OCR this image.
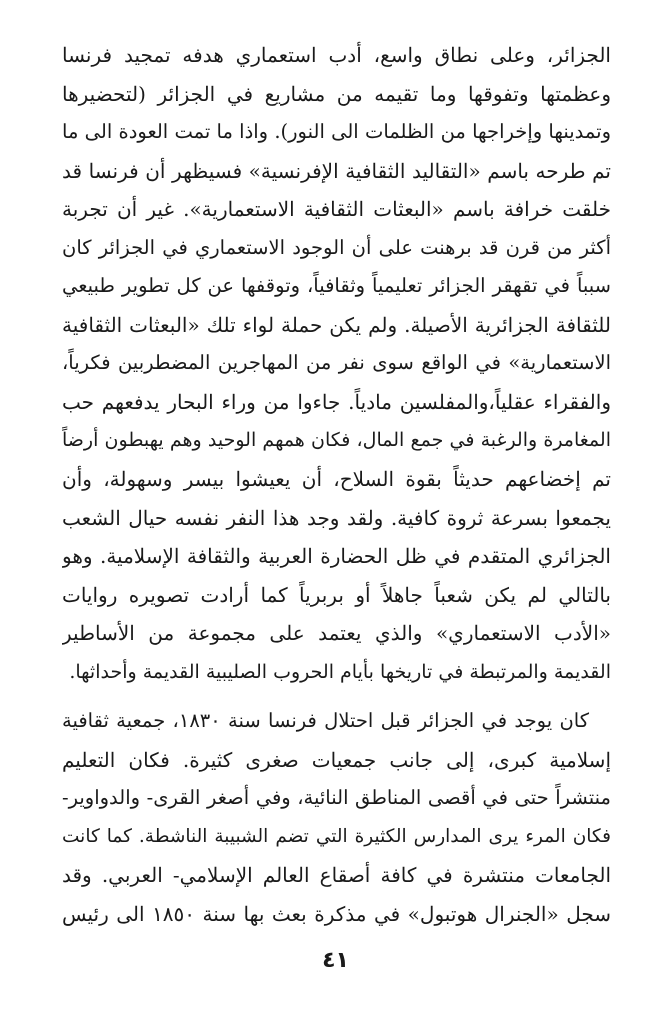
الجزائر، وعلى نطاق واسع، أدب استعماري هدفه تمجيد فرنسا
وعظمتها وتفوقها وما تقيمه من مشاريع في الجزائر (لتحضيرها
وتمدينها وإخراجها من الظلمات الى النور). واذا ما تمت العودة الى ما
تم طرحه باسم «التقاليد الثقافية الإفرنسية» فسيظهر أن فرنسا قد
خلقت خرافة باسم «البعثات الثقافية الاستعمارية». غير أن تجربة
أكثر من قرن قد برهنت على أن الوجود الاستعماري في الجزائر كان
سبباً في تقهقر الجزائر تعليمياً وثقافياً، وتوقفها عن كل تطوير طبيعي
للثقافة الجزائرية الأصيلة. ولم يكن حملة لواء تلك «البعثات الثقافية
الاستعمارية» في الواقع سوى نفر من المهاجرين المضطربين فكرياً،
والفقراء عقلياً،والمفلسين مادياً. جاءوا من وراء البحار يدفعهم حب
المغامرة والرغبة في جمع المال، فكان همهم الوحيد وهم يهبطون أرضاً
تم إخضاعهم حديثاً بقوة السلاح، أن يعيشوا بيسر وسهولة، وأن
يجمعوا بسرعة ثروة كافية. ولقد وجد هذا النفر نفسه حيال الشعب
الجزائري المتقدم في ظل الحضارة العربية والثقافة الإسلامية. وهو
بالتالي لم يكن شعباً جاهلاً أو بربرياً كما أرادت تصويره روايات
«الأدب الاستعماري» والذي يعتمد على مجموعة من الأساطير
القديمة والمرتبطة في تاريخها بأيام الحروب الصليبية القديمة وأحداثها.
كان يوجد في الجزائر قبل احتلال فرنسا سنة ١٨٣٠، جمعية ثقافية
إسلامية كبرى، إلى جانب جمعيات صغرى كثيرة. فكان التعليم
منتشراً حتى في أقصى المناطق النائية، وفي أصغر القرى- والدواوير-
فكان المرء يرى المدارس الكثيرة التي تضم الشبيبة الناشطة. كما كانت
الجامعات منتشرة في كافة أصقاع العالم الإسلامي- العربي. وقد
سجل «الجنرال هوتبول» في مذكرة بعث بها سنة ١٨٥٠ الى رئيس
٤١
